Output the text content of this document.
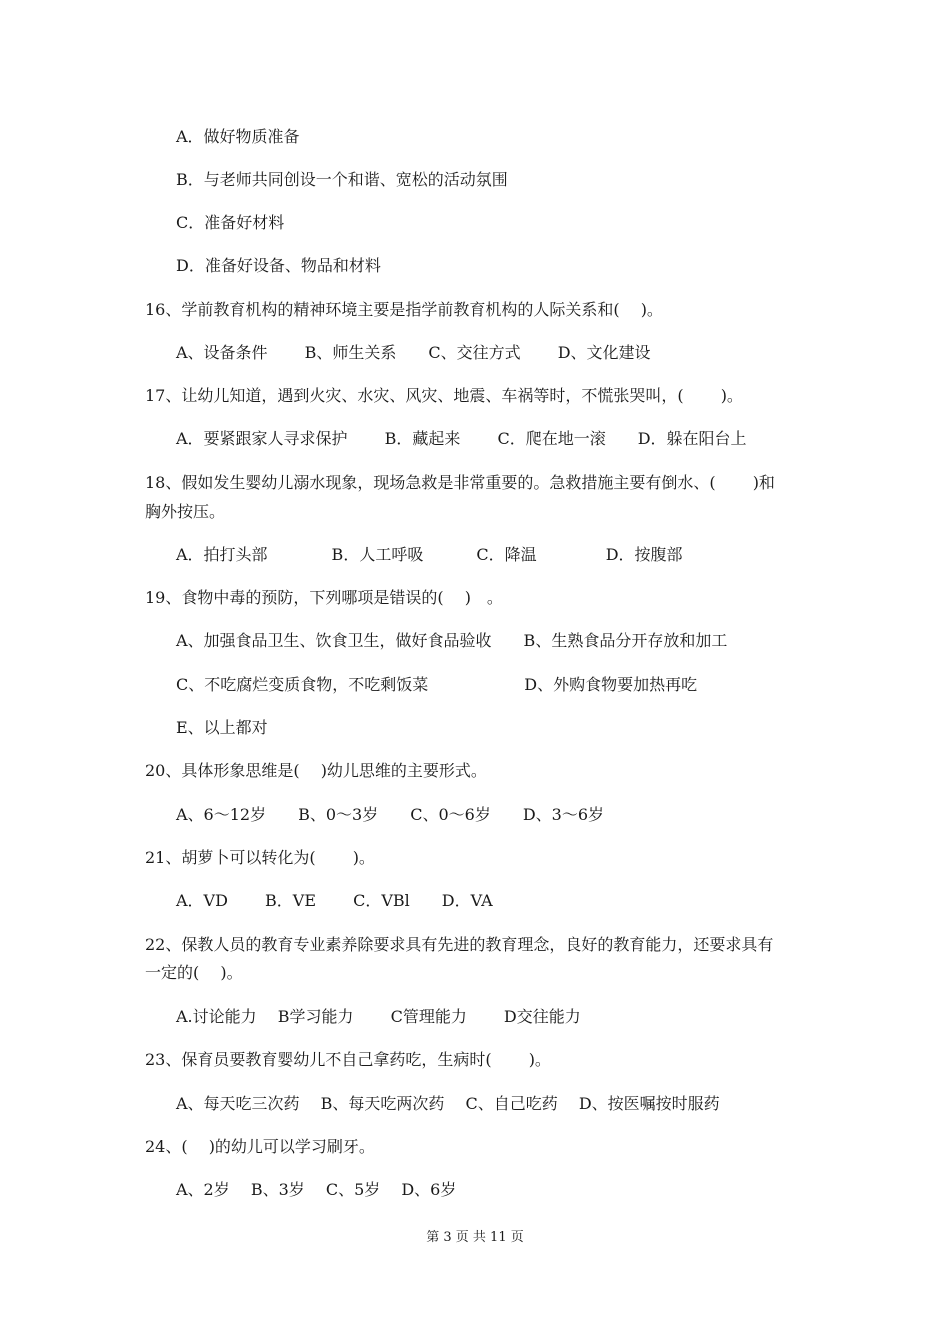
A．做好物质准备

B．与老师共同创设一个和谐、宽松的活动氛围

C．准备好材料

D．准备好设备、物品和材料

16、学前教育机构的精神环境主要是指学前教育机构的人际关系和(　 )。

A、设备条件　 　B、师生关系　　C、交往方式　　 D、文化建设

17、让幼儿知道，遇到火灾、水灾、风灾、地震、车祸等时，不慌张哭叫，(　　 )。

A．要紧跟家人寻求保护　　 B．藏起来　　 C．爬在地一滚　　D．躲在阳台上

18、假如发生婴幼儿溺水现象，现场急救是非常重要的。急救措施主要有倒水、(　　 )和

胸外按压。

A．拍打头部　　　　B．人工呼吸　　　 C．降温　　　　 D．按腹部

19、食物中毒的预防，下列哪项是错误的(　 )　。

A、加强食品卫生、饮食卫生，做好食品验收　　B、生熟食品分开存放和加工

C、不吃腐烂变质食物，不吃剩饭菜　　　　　　D、外购食物要加热再吃

E、以上都对

20、具体形象思维是(　 )幼儿思维的主要形式。

A、6～12岁　　B、0～3岁　　C、0～6岁　　D、3～6岁

21、胡萝卜可以转化为(　　 )。

A．VD　　 B．VE　　 C．VBl　　D．VA

22、保教人员的教育专业素养除要求具有先进的教育理念，良好的教育能力，还要求具有

一定的(　 )。

A.讨论能力　 B学习能力　　 C管理能力　　 D交往能力

23、保育员要教育婴幼儿不自己拿药吃，生病时(　　 )。

A、每天吃三次药　 B、每天吃两次药　 C、自己吃药　 D、按医嘱按时服药

24、(　 )的幼儿可以学习刷牙。

A、2岁　 B、3岁　 C、5岁　 D、6岁

第 3 页 共 11 页
